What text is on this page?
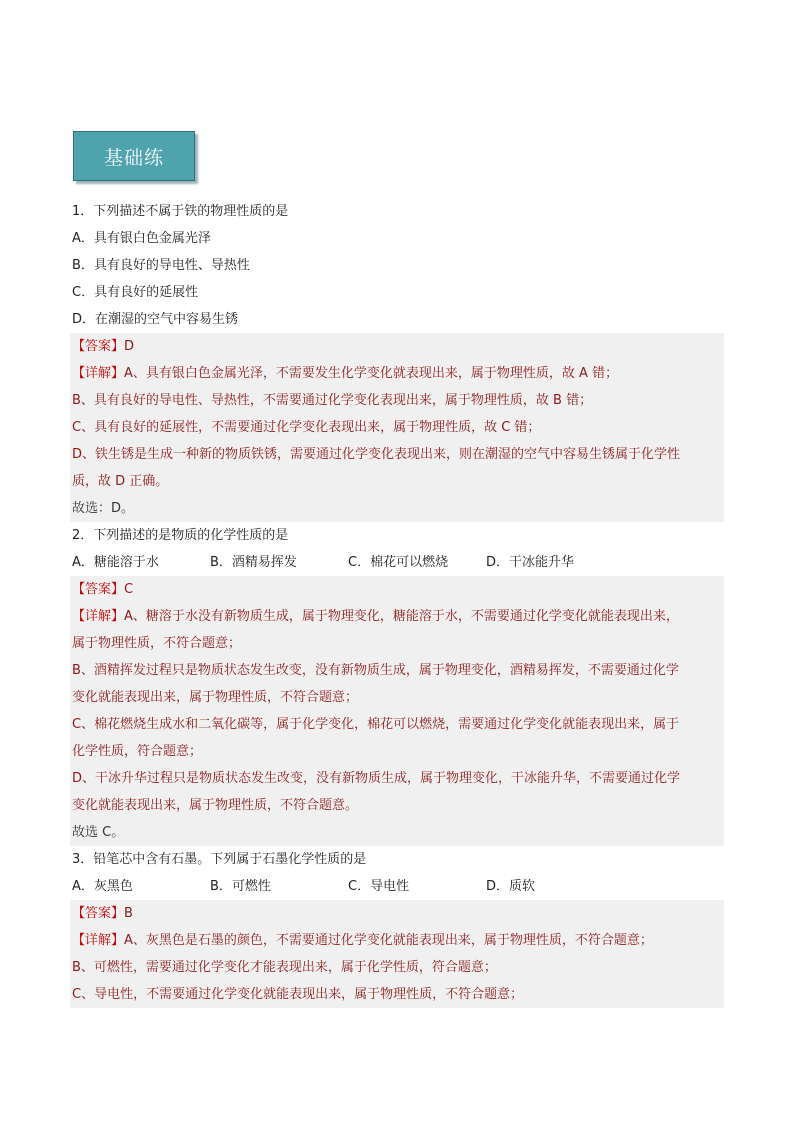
基础练
1．下列描述不属于铁的物理性质的是
A．具有银白色金属光泽
B．具有良好的导电性、导热性
C．具有良好的延展性
D．在潮湿的空气中容易生锈
【答案】D
【详解】A、具有银白色金属光泽，不需要发生化学变化就表现出来，属于物理性质，故 A 错；
B、具有良好的导电性、导热性，不需要通过化学变化表现出来，属于物理性质，故 B 错；
C、具有良好的延展性，不需要通过化学变化表现出来，属于物理性质，故 C 错；
D、铁生锈是生成一种新的物质铁锈，需要通过化学变化表现出来，则在潮湿的空气中容易生锈属于化学性
质，故 D 正确。
故选：D。
2．下列描述的是物质的化学性质的是
A．糖能溶于水	B．酒精易挥发	C．棉花可以燃烧	D．干冰能升华
【答案】C
【详解】A、糖溶于水没有新物质生成，属于物理变化，糖能溶于水，不需要通过化学变化就能表现出来，
属于物理性质，不符合题意；
B、酒精挥发过程只是物质状态发生改变，没有新物质生成，属于物理变化，酒精易挥发，不需要通过化学
变化就能表现出来，属于物理性质，不符合题意；
C、棉花燃烧生成水和二氧化碳等，属于化学变化，棉花可以燃烧，需要通过化学变化就能表现出来，属于
化学性质，符合题意；
D、干冰升华过程只是物质状态发生改变，没有新物质生成，属于物理变化，干冰能升华，不需要通过化学
变化就能表现出来，属于物理性质，不符合题意。
故选 C。
3．铅笔芯中含有石墨。下列属于石墨化学性质的是
A．灰黑色	B．可燃性	C．导电性	D．质软
【答案】B
【详解】A、灰黑色是石墨的颜色，不需要通过化学变化就能表现出来，属于物理性质，不符合题意；
B、可燃性，需要通过化学变化才能表现出来，属于化学性质，符合题意；
C、导电性，不需要通过化学变化就能表现出来，属于物理性质，不符合题意；
